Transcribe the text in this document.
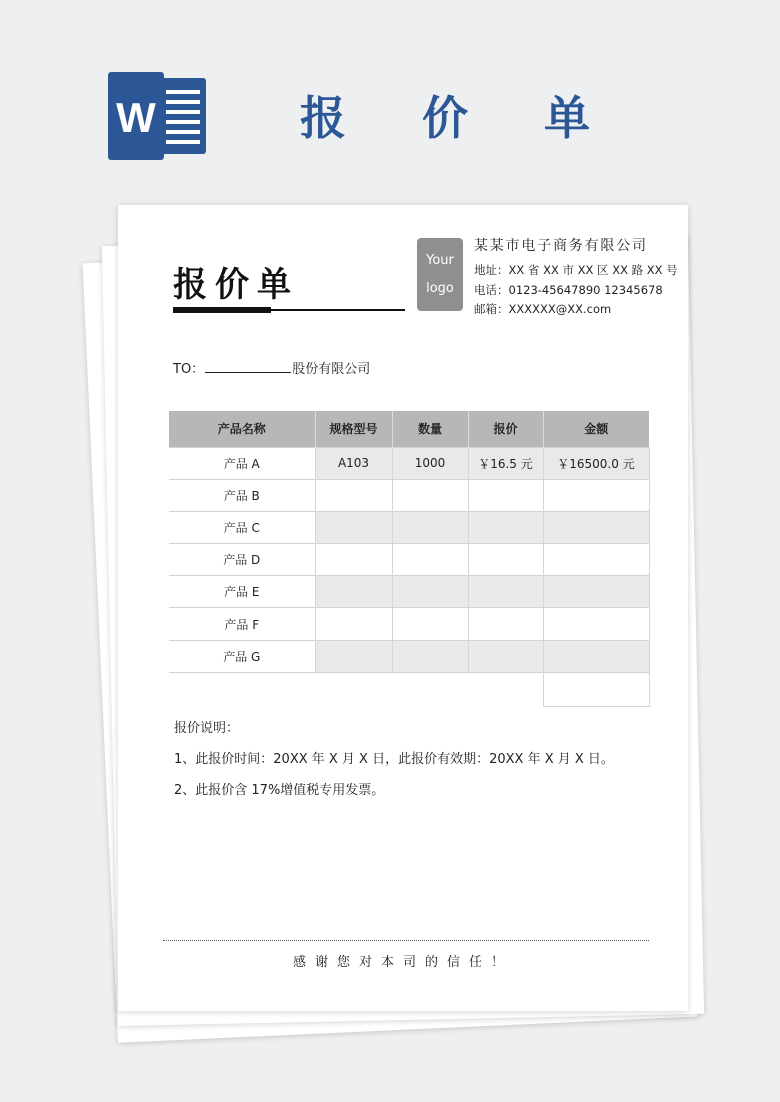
W	报 价 单
报价单
Your
logo
某某市电子商务有限公司
地址：XX 省 XX 市 XX 区 XX 路 XX 号
电话：0123-45647890 12345678
邮箱：XXXXXX@XX.com
TO：	股份有限公司
产品名称	规格型号	数量	报价	金额
产品 A	A103	1000	￥16.5 元	￥16500.0 元
产品 B				
产品 C				
产品 D				
产品 E				
产品 F				
产品 G				

报价说明：
1、此报价时间：20XX 年 X 月 X 日，此报价有效期：20XX 年 X 月 X 日。
2、此报价含 17%增值税专用发票。
感谢您对本司的信任！
